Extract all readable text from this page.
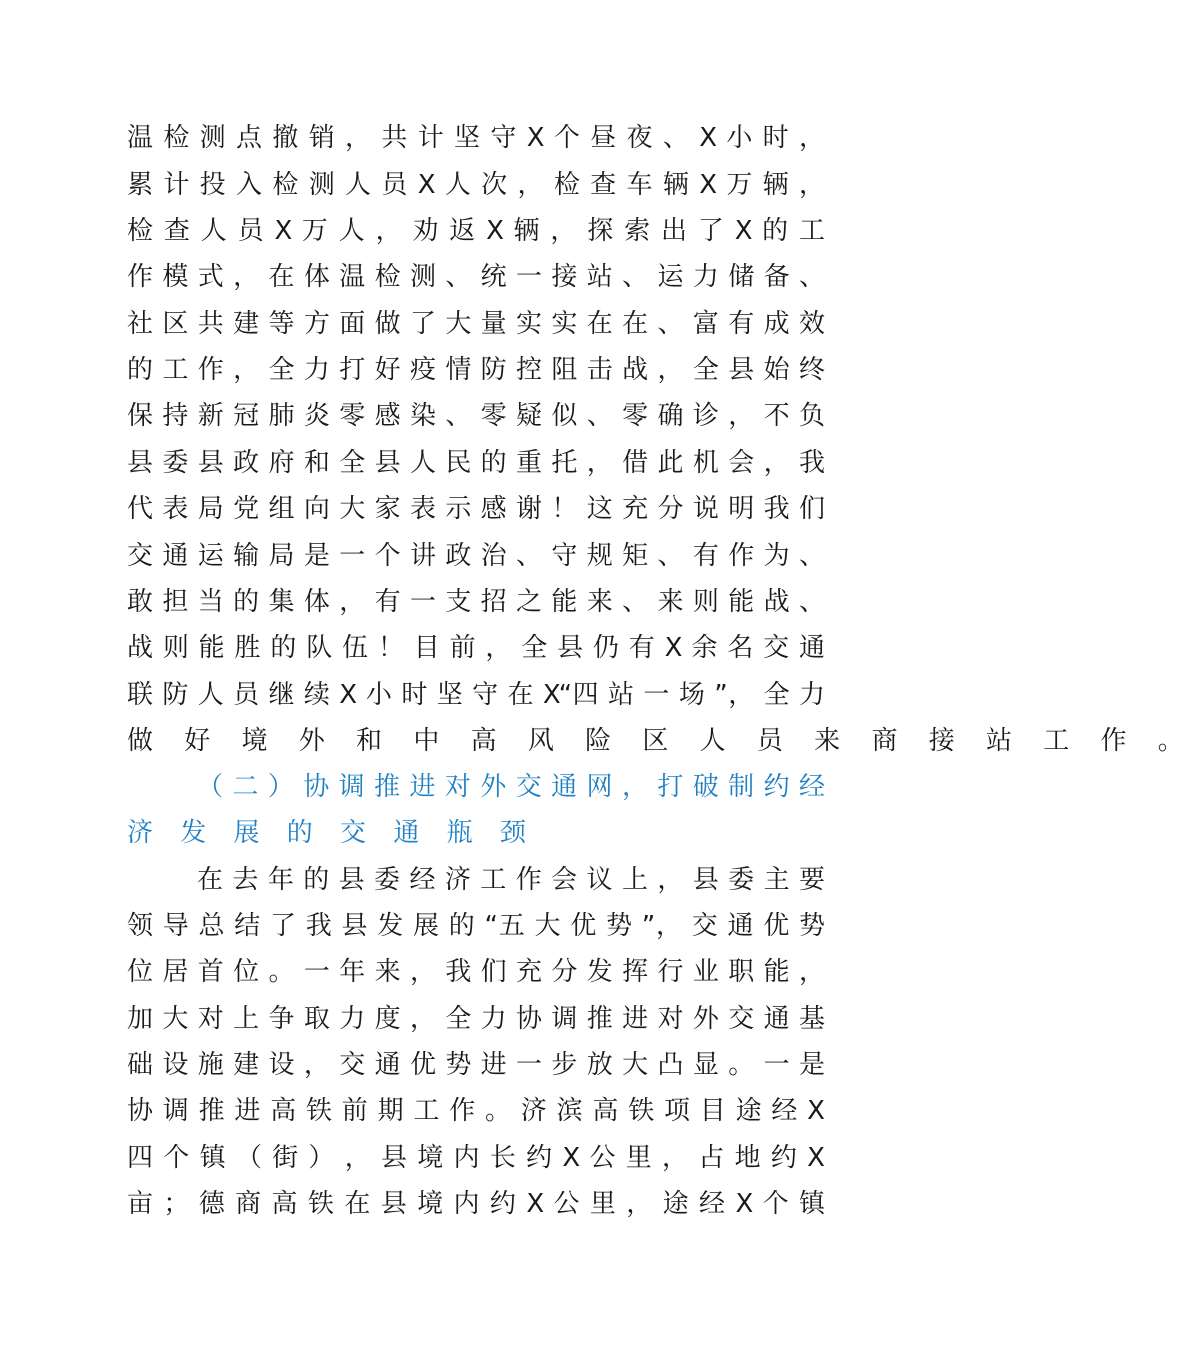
温 检 测 点 撤 销 ， 共 计 坚 守 X 个 昼 夜 、 X 小 时 ，
累 计 投 入 检 测 人 员 X 人 次 ， 检 查 车 辆 X 万 辆 ，
检 查 人 员 X 万 人 ， 劝 返 X 辆 ， 探 索 出 了 X 的 工
作 模 式 ， 在 体 温 检 测 、 统 一 接 站 、 运 力 储 备 、
社 区 共 建 等 方 面 做 了 大 量 实 实 在 在 、 富 有 成 效
的 工 作 ， 全 力 打 好 疫 情 防 控 阻 击 战 ， 全 县 始 终
保 持 新 冠 肺 炎 零 感 染 、 零 疑 似 、 零 确 诊 ， 不 负
县 委 县 政 府 和 全 县 人 民 的 重 托 ， 借 此 机 会 ， 我
代 表 局 党 组 向 大 家 表 示 感 谢 ！ 这 充 分 说 明 我 们
交 通 运 输 局 是 一 个 讲 政 治 、 守 规 矩 、 有 作 为 、
敢 担 当 的 集 体 ， 有 一 支 招 之 能 来 、 来 则 能 战 、
战 则 能 胜 的 队 伍 ！ 目 前 ， 全 县 仍 有 X 余 名 交 通
联 防 人 员 继 续 X 小 时 坚 守 在 X“四 站 一 场 ”， 全 力
做 好 境 外 和 中 高 风 险 区 人 员 来 商 接 站 工 作 。
（ 二 ） 协 调 推 进 对 外 交 通 网 ， 打 破 制 约 经
济 发 展 的 交 通 瓶 颈
在 去 年 的 县 委 经 济 工 作 会 议 上 ， 县 委 主 要
领 导 总 结 了 我 县 发 展 的 “五 大 优 势 ”， 交 通 优 势
位 居 首 位 。 一 年 来 ， 我 们 充 分 发 挥 行 业 职 能 ，
加 大 对 上 争 取 力 度 ， 全 力 协 调 推 进 对 外 交 通 基
础 设 施 建 设 ， 交 通 优 势 进 一 步 放 大 凸 显 。 一 是
协 调 推 进 高 铁 前 期 工 作 。 济 滨 高 铁 项 目 途 经 X
四 个 镇 （ 街 ） ， 县 境 内 长 约 X 公 里 ， 占 地 约 X
亩 ； 德 商 高 铁 在 县 境 内 约 X 公 里 ， 途 经 X 个 镇
